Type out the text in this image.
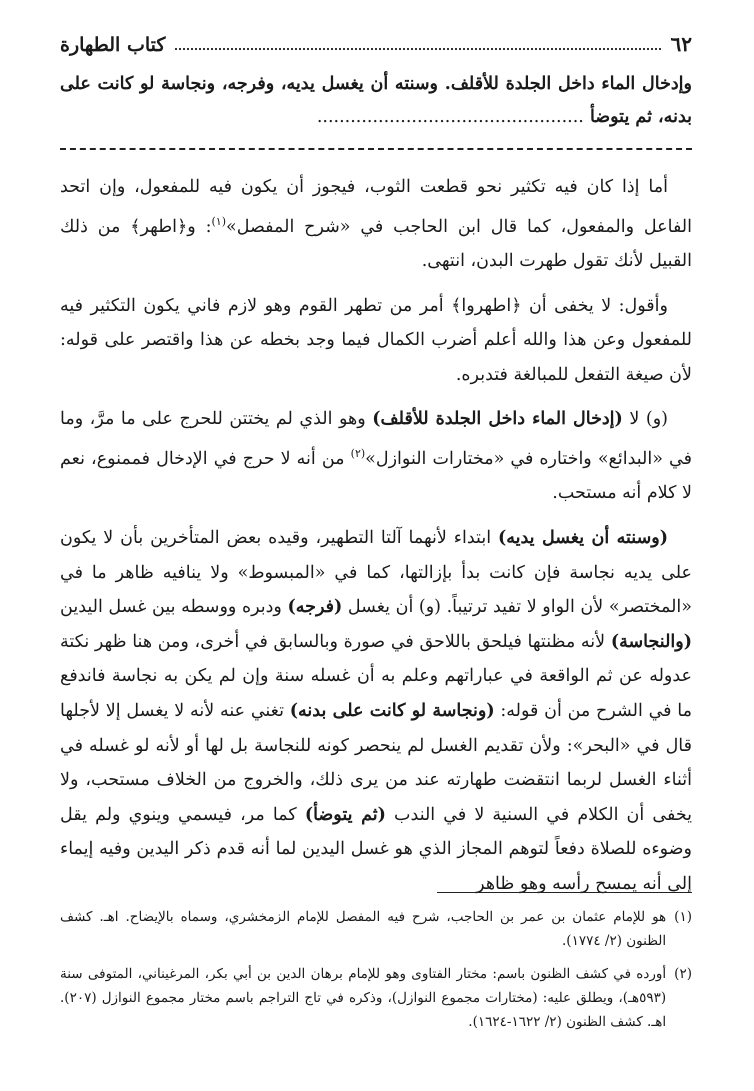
٦٢
كتاب الطهارة
وإدخال الماء داخل الجلدة للأقلف. وسنته أن يغسل يديه، وفرجه، ونجاسة لو كانت على بدنه، ثم يتوضأ ................................................

أما إذا كان فيه تكثير نحو قطعت الثوب، فيجوز أن يكون فيه للمفعول، وإن اتحد الفاعل والمفعول، كما قال ابن الحاجب في «شرح المفصل»$^{(١)}$: و﴿اطهر﴾ من ذلك القبيل لأنك تقول طهرت البدن، انتهى.

وأقول: لا يخفى أن ﴿اطهروا﴾ أمر من تطهر القوم وهو لازم فاني يكون التكثير فيه للمفعول وعن هذا والله أعلم أضرب الكمال فيما وجد بخطه عن هذا واقتصر على قوله: لأن صيغة التفعل للمبالغة فتدبره.

(و) لا (إدخال الماء داخل الجلدة للأقلف) وهو الذي لم يختتن للحرج على ما مرَّ، وما في «البدائع» واختاره في «مختارات النوازل»$^{(٢)}$ من أنه لا حرج في الإدخال فممنوع، نعم لا كلام أنه مستحب.

(وسنته أن يغسل يديه) ابتداء لأنهما آلتا التطهير، وقيده بعض المتأخرين بأن لا يكون على يديه نجاسة فإن كانت بدأ بإزالتها، كما في «المبسوط» ولا ينافيه ظاهر ما في «المختصر» لأن الواو لا تفيد ترتيباً. (و) أن يغسل (فرجه) ودبره ووسطه بين غسل اليدين (والنجاسة) لأنه مظنتها فيلحق باللاحق في صورة وبالسابق في أخرى، ومن هنا ظهر نكتة عدوله عن ثم الواقعة في عباراتهم وعلم به أن غسله سنة وإن لم يكن به نجاسة فاندفع ما في الشرح من أن قوله: (ونجاسة لو كانت على بدنه) تغني عنه لأنه لا يغسل إلا لأجلها قال في «البحر»: ولأن تقديم الغسل لم ينحصر كونه للنجاسة بل لها أو لأنه لو غسله في أثناء الغسل لربما انتقضت طهارته عند من يرى ذلك، والخروج من الخلاف مستحب، ولا يخفى أن الكلام في السنية لا في الندب (ثم يتوضأ) كما مر، فيسمي وينوي ولم يقل وضوءه للصلاة دفعاً لتوهم المجاز الذي هو غسل اليدين لما أنه قدم ذكر اليدين وفيه إيماء إلى أنه يمسح رأسه وهو ظاهر

(١)
هو للإمام عثمان بن عمر بن الحاجب، شرح فيه المفصل للإمام الزمخشري، وسماه بالإيضاح. اهـ. كشف الظنون (٢/ ١٧٧٤).
(٢)
أورده في كشف الظنون باسم: مختار الفتاوى وهو للإمام برهان الدين بن أبي بكر، المرغيناني، المتوفى سنة (٥٩٣هـ)، ويطلق عليه: (مختارات مجموع النوازل)، وذكره في تاج التراجم باسم مختار مجموع النوازل (٢٠٧). اهـ. كشف الظنون (٢/ ١٦٢٢-١٦٢٤).
